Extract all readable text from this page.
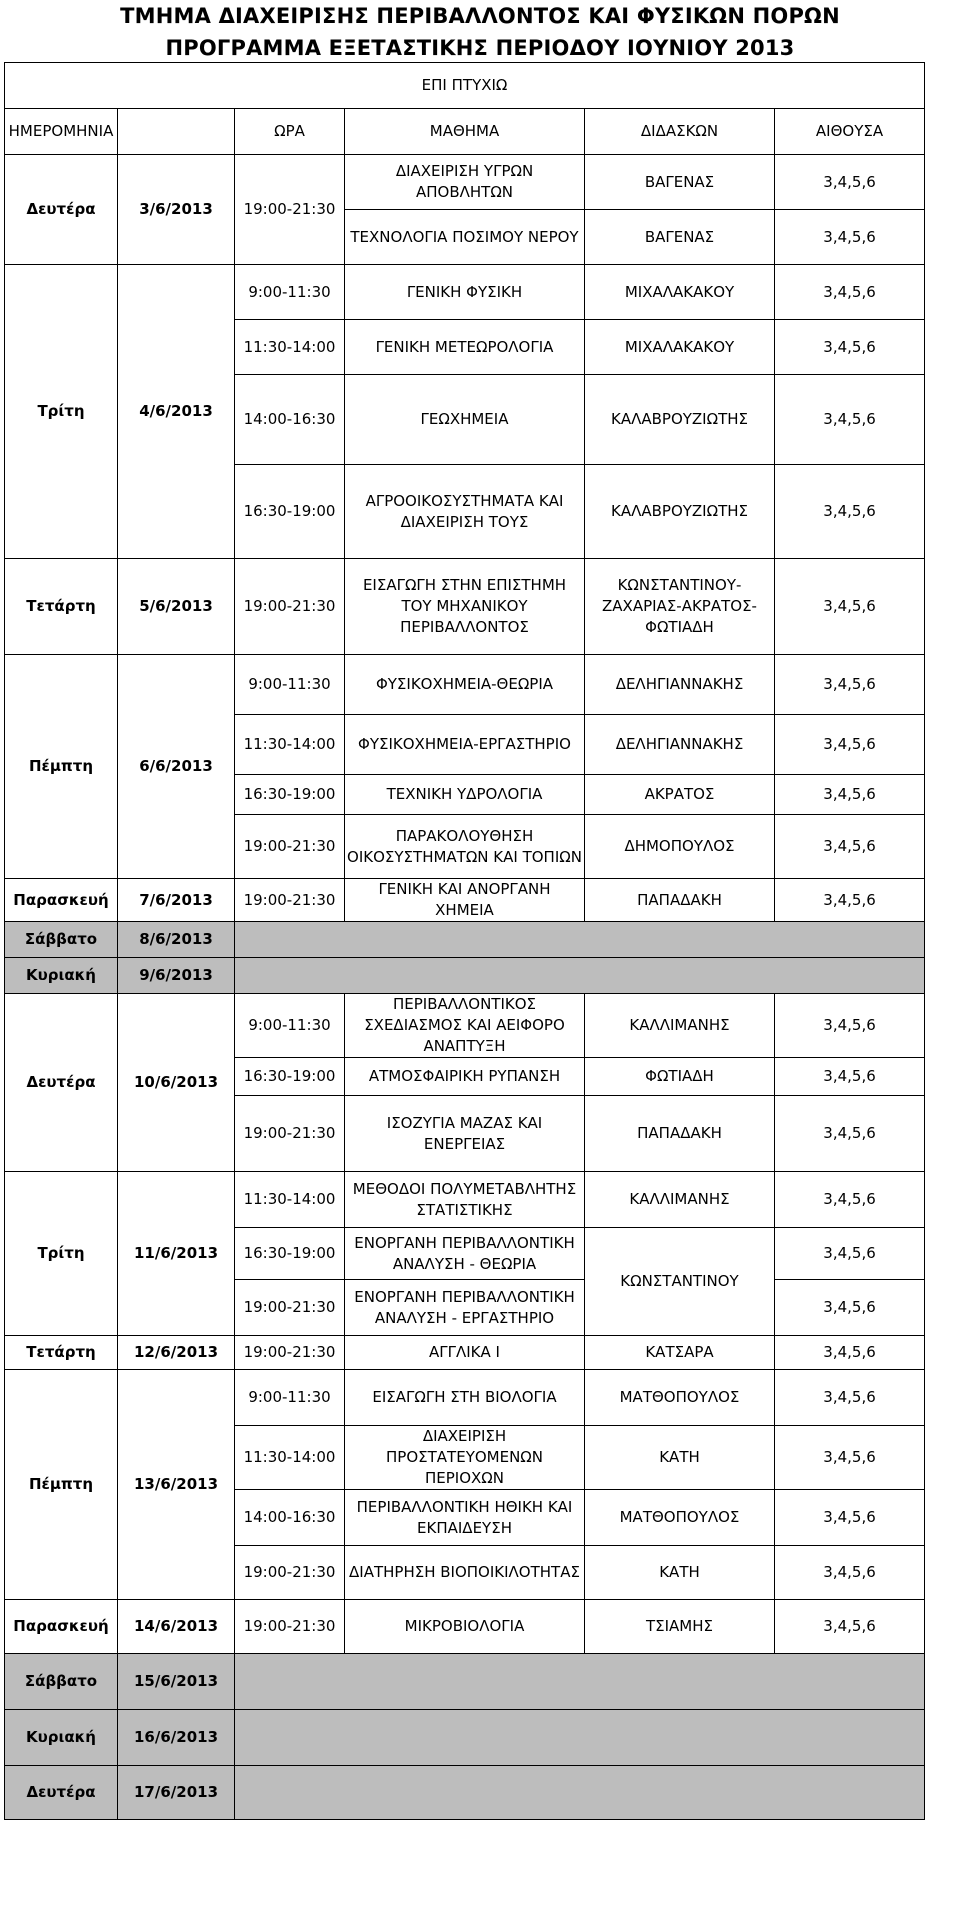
ΤΜΗΜΑ ΔΙΑΧΕΙΡΙΣΗΣ ΠΕΡΙΒΑΛΛΟΝΤΟΣ ΚΑΙ ΦΥΣΙΚΩΝ ΠΟΡΩΝ
ΠΡΟΓΡΑΜΜΑ ΕΞΕΤΑΣΤΙΚΗΣ ΠΕΡΙΟΔΟΥ ΙΟΥΝΙΟΥ 2013
ΕΠΙ ΠΤΥΧΙΩ					
ΗΜΕΡΟΜΗΝΙΑ		ΩΡΑ	ΜΑΘΗΜΑ	ΔΙΔΑΣΚΩΝ	ΑΙΘΟΥΣΑ
Δευτέρα	3/6/2013	19:00-21:30	ΔΙΑΧΕΙΡΙΣΗ ΥΓΡΩΝ ΑΠΟΒΛΗΤΩΝ	ΒΑΓΕΝΑΣ	3,4,5,6
			ΤΕΧΝΟΛΟΓΙΑ ΠΟΣΙΜΟΥ ΝΕΡΟΥ	ΒΑΓΕΝΑΣ	3,4,5,6
Τρίτη	4/6/2013	9:00-11:30	ΓΕΝΙΚΗ ΦΥΣΙΚΗ	ΜΙΧΑΛΑΚΑΚΟΥ	3,4,5,6
		11:30-14:00	ΓΕΝΙΚΗ ΜΕΤΕΩΡΟΛΟΓΙΑ	ΜΙΧΑΛΑΚΑΚΟΥ	3,4,5,6
		14:00-16:30	ΓΕΩΧΗΜΕΙΑ	ΚΑΛΑΒΡΟΥΖΙΩΤΗΣ	3,4,5,6
		16:30-19:00	ΑΓΡΟΟΙΚΟΣΥΣΤΗΜΑΤΑ ΚΑΙ ΔΙΑΧΕΙΡΙΣΗ ΤΟΥΣ	ΚΑΛΑΒΡΟΥΖΙΩΤΗΣ	3,4,5,6
Τετάρτη	5/6/2013	19:00-21:30	ΕΙΣΑΓΩΓΗ ΣΤΗΝ ΕΠΙΣΤΗΜΗ ΤΟΥ ΜΗΧΑΝΙΚΟΥ ΠΕΡΙΒΑΛΛΟΝΤΟΣ	ΚΩΝΣΤΑΝΤΙΝΟΥ-ΖΑΧΑΡΙΑΣ-ΑΚΡΑΤΟΣ-ΦΩΤΙΑΔΗ	3,4,5,6
Πέμπτη	6/6/2013	9:00-11:30	ΦΥΣΙΚΟΧΗΜΕΙΑ-ΘΕΩΡΙΑ	ΔΕΛΗΓΙΑΝΝΑΚΗΣ	3,4,5,6
		11:30-14:00	ΦΥΣΙΚΟΧΗΜΕΙΑ-ΕΡΓΑΣΤΗΡΙΟ	ΔΕΛΗΓΙΑΝΝΑΚΗΣ	3,4,5,6
		16:30-19:00	ΤΕΧΝΙΚΗ ΥΔΡΟΛΟΓΙΑ	ΑΚΡΑΤΟΣ	3,4,5,6
		19:00-21:30	ΠΑΡΑΚΟΛΟΥΘΗΣΗ ΟΙΚΟΣΥΣΤΗΜΑΤΩΝ ΚΑΙ ΤΟΠΙΩΝ	ΔΗΜΟΠΟΥΛΟΣ	3,4,5,6
Παρασκευή	7/6/2013	19:00-21:30	ΓΕΝΙΚΗ ΚΑΙ ΑΝΟΡΓΑΝΗ ΧΗΜΕΙΑ	ΠΑΠΑΔΑΚΗ	3,4,5,6
Σάββατο	8/6/2013				
Κυριακή	9/6/2013				
Δευτέρα	10/6/2013	9:00-11:30	ΠΕΡΙΒΑΛΛΟΝΤΙΚΟΣ ΣΧΕΔΙΑΣΜΟΣ ΚΑΙ ΑΕΙΦΟΡΟ ΑΝΑΠΤΥΞΗ	ΚΑΛΛΙΜΑΝΗΣ	3,4,5,6
		16:30-19:00	ΑΤΜΟΣΦΑΙΡΙΚΗ ΡΥΠΑΝΣΗ	ΦΩΤΙΑΔΗ	3,4,5,6
		19:00-21:30	ΙΣΟΖΥΓΙΑ ΜΑΖΑΣ ΚΑΙ ΕΝΕΡΓΕΙΑΣ	ΠΑΠΑΔΑΚΗ	3,4,5,6
Τρίτη	11/6/2013	11:30-14:00	ΜΕΘΟΔΟΙ ΠΟΛΥΜΕΤΑΒΛΗΤΗΣ ΣΤΑΤΙΣΤΙΚΗΣ	ΚΑΛΛΙΜΑΝΗΣ	3,4,5,6
		16:30-19:00	ΕΝΟΡΓΑΝΗ ΠΕΡΙΒΑΛΛΟΝΤΙΚΗ ΑΝΑΛΥΣΗ - ΘΕΩΡΙΑ	ΚΩΝΣΤΑΝΤΙΝΟΥ	3,4,5,6
		19:00-21:30	ΕΝΟΡΓΑΝΗ ΠΕΡΙΒΑΛΛΟΝΤΙΚΗ ΑΝΑΛΥΣΗ - ΕΡΓΑΣΤΗΡΙΟ		3,4,5,6
Τετάρτη	12/6/2013	19:00-21:30	ΑΓΓΛΙΚΑ Ι	ΚΑΤΣΑΡΑ	3,4,5,6
Πέμπτη	13/6/2013	9:00-11:30	ΕΙΣΑΓΩΓΗ ΣΤΗ ΒΙΟΛΟΓΙΑ	ΜΑΤΘΟΠΟΥΛΟΣ	3,4,5,6
		11:30-14:00	ΔΙΑΧΕΙΡΙΣΗ ΠΡΟΣΤΑΤΕΥΟΜΕΝΩΝ ΠΕΡΙΟΧΩΝ	ΚΑΤΗ	3,4,5,6
		14:00-16:30	ΠΕΡΙΒΑΛΛΟΝΤΙΚΗ ΗΘΙΚΗ ΚΑΙ ΕΚΠΑΙΔΕΥΣΗ	ΜΑΤΘΟΠΟΥΛΟΣ	3,4,5,6
		19:00-21:30	ΔΙΑΤΗΡΗΣΗ ΒΙΟΠΟΙΚΙΛΟΤΗΤΑΣ	ΚΑΤΗ	3,4,5,6
Παρασκευή	14/6/2013	19:00-21:30	ΜΙΚΡΟΒΙΟΛΟΓΙΑ	ΤΣΙΑΜΗΣ	3,4,5,6
Σάββατο	15/6/2013				
Κυριακή	16/6/2013				
Δευτέρα	17/6/2013				
